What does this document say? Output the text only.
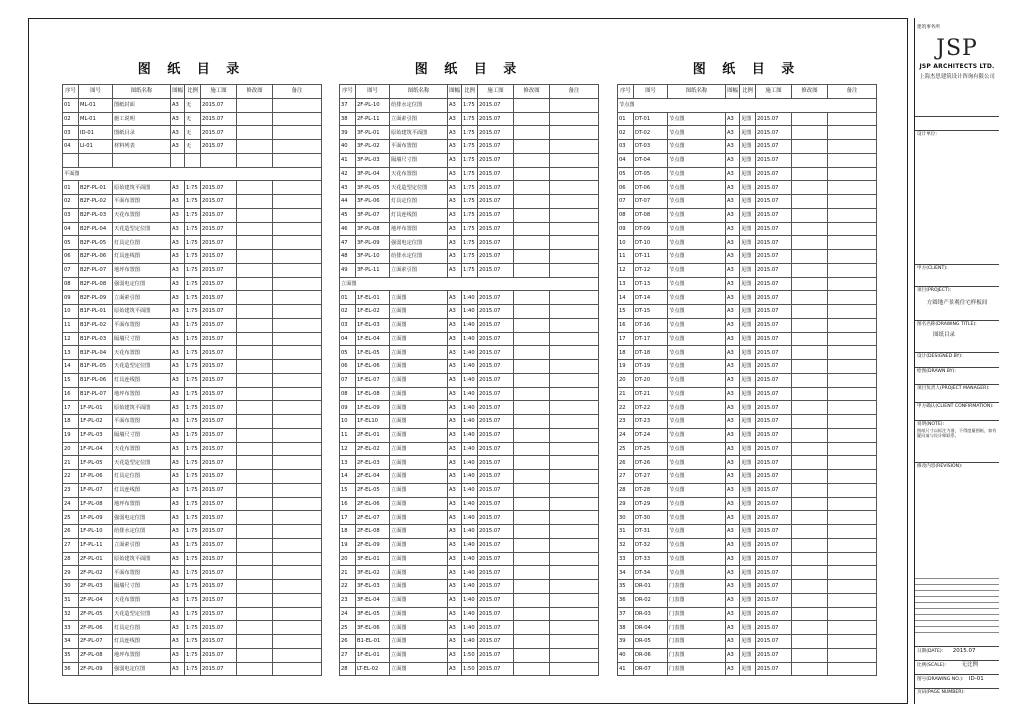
图 纸 目 录	图 纸 目 录	图 纸 目 录
序号	图号	图纸名称	图幅	比例	施工图	修改图	备注
01	ML-01	图纸封面	A3	无	2015.07		
02	ML-01	施工说明	A3	无	2015.07		
03	ID-01	图纸目录	A3	无	2015.07		
04	LI-01	材料列表	A3	无	2015.07		

平面图							
01	B2F-PL-01	原始建筑平面图	A3	1:75	2015.07		
02	B2F-PL-02	平面布置图	A3	1:75	2015.07		
03	B2F-PL-03	天花布置图	A3	1:75	2015.07		
04	B2F-PL-04	天花造型定位图	A3	1:75	2015.07		
05	B2F-PL-05	灯具定位图	A3	1:75	2015.07		
06	B2F-PL-06	灯具连线图	A3	1:75	2015.07		
07	B2F-PL-07	地坪布置图	A3	1:75	2015.07		
08	B2F-PL-08	强弱电定位图	A3	1:75	2015.07		
09	B2F-PL-09	立面索引图	A3	1:75	2015.07		
10	B1F-PL-01	原始建筑平面图	A3	1:75	2015.07		
11	B1F-PL-02	平面布置图	A3	1:75	2015.07		
12	B1F-PL-03	隔墙尺寸图	A3	1:75	2015.07		
13	B1F-PL-04	天花布置图	A3	1:75	2015.07		
14	B1F-PL-05	天花造型定位图	A3	1:75	2015.07		
15	B1F-PL-06	灯具连线图	A3	1:75	2015.07		
16	B1F-PL-07	地坪布置图	A3	1:75	2015.07		
17	1F-PL-01	原始建筑平面图	A3	1:75	2015.07		
18	1F-PL-02	平面布置图	A3	1:75	2015.07		
19	1F-PL-03	隔墙尺寸图	A3	1:75	2015.07		
20	1F-PL-04	天花布置图	A3	1:75	2015.07		
21	1F-PL-05	天花造型定位图	A3	1:75	2015.07		
22	1F-PL-06	灯具定位图	A3	1:75	2015.07		
23	1F-PL-07	灯具连线图	A3	1:75	2015.07		
24	1F-PL-08	地坪布置图	A3	1:75	2015.07		
25	1F-PL-09	强弱电定位图	A3	1:75	2015.07		
26	1F-PL-10	给排水定位图	A3	1:75	2015.07		
27	1F-PL-11	立面索引图	A3	1:75	2015.07		
28	2F-PL-01	原始建筑平面图	A3	1:75	2015.07		
29	2F-PL-02	平面布置图	A3	1:75	2015.07		
30	2F-PL-03	隔墙尺寸图	A3	1:75	2015.07		
31	2F-PL-04	天花布置图	A3	1:75	2015.07		
32	2F-PL-05	天花造型定位图	A3	1:75	2015.07		
33	2F-PL-06	灯具定位图	A3	1:75	2015.07		
34	2F-PL-07	灯具连线图	A3	1:75	2015.07		
35	2F-PL-08	地坪布置图	A3	1:75	2015.07		
36	2F-PL-09	强弱电定位图	A3	1:75	2015.07		
序号	图号	图纸名称	图幅	比例	施工图	修改图	备注
37	2F-PL-10	给排水定位图	A3	1:75	2015.07		
38	2F-PL-11	立面索引图	A3	1:75	2015.07		
39	3F-PL-01	原始建筑平面图	A3	1:75	2015.07		
40	3F-PL-02	平面布置图	A3	1:75	2015.07		
41	3F-PL-03	隔墙尺寸图	A3	1:75	2015.07		
42	3F-PL-04	天花布置图	A3	1:75	2015.07		
43	3F-PL-05	天花造型定位图	A3	1:75	2015.07		
44	3F-PL-06	灯具定位图	A3	1:75	2015.07		
45	3F-PL-07	灯具连线图	A3	1:75	2015.07		
46	3F-PL-08	地坪布置图	A3	1:75	2015.07		
47	3F-PL-09	强弱电定位图	A3	1:75	2015.07		
48	3F-PL-10	给排水定位图	A3	1:75	2015.07		
49	3F-PL-11	立面索引图	A3	1:75	2015.07		
立面图							
01	1F-EL-01	立面图	A3	1:40	2015.07		
02	1F-EL-02	立面图	A3	1:40	2015.07		
03	1F-EL-03	立面图	A3	1:40	2015.07		
04	1F-EL-04	立面图	A3	1:40	2015.07		
05	1F-EL-05	立面图	A3	1:40	2015.07		
06	1F-EL-06	立面图	A3	1:40	2015.07		
07	1F-EL-07	立面图	A3	1:40	2015.07		
08	1F-EL-08	立面图	A3	1:40	2015.07		
09	1F-EL-09	立面图	A3	1:40	2015.07		
10	1F-EL10	立面图	A3	1:40	2015.07		
11	2F-EL-01	立面图	A3	1:40	2015.07		
12	2F-EL-02	立面图	A3	1:40	2015.07		
13	2F-EL-03	立面图	A3	1:40	2015.07		
14	2F-EL-04	立面图	A3	1:40	2015.07		
15	2F-EL-05	立面图	A3	1:40	2015.07		
16	2F-EL-06	立面图	A3	1:40	2015.07		
17	2F-EL-07	立面图	A3	1:40	2015.07		
18	2F-EL-08	立面图	A3	1:40	2015.07		
19	2F-EL-09	立面图	A3	1:40	2015.07		
20	3F-EL-01	立面图	A3	1:40	2015.07		
21	3F-EL-02	立面图	A3	1:40	2015.07		
22	3F-EL-03	立面图	A3	1:40	2015.07		
23	3F-EL-04	立面图	A3	1:40	2015.07		
24	3F-EL-05	立面图	A3	1:40	2015.07		
25	3F-EL-06	立面图	A3	1:40	2015.07		
26	B1-EL-01	立面图	A3	1:40	2015.07		
27	1F-EL-01	立面图	A3	1:50	2015.07		
28	LT-EL-02	立面图	A3	1:50	2015.07		
序号	图号	图纸名称	图幅	比例	施工图	修改图	备注
节点图							
01	DT-01	节点图	A3	见图	2015.07		
02	DT-02	节点图	A3	见图	2015.07		
03	DT-03	节点图	A3	见图	2015.07		
04	DT-04	节点图	A3	见图	2015.07		
05	DT-05	节点图	A3	见图	2015.07		
06	DT-06	节点图	A3	见图	2015.07		
07	DT-07	节点图	A3	见图	2015.07		
08	DT-08	节点图	A3	见图	2015.07		
09	DT-09	节点图	A3	见图	2015.07		
10	DT-10	节点图	A3	见图	2015.07		
11	DT-11	节点图	A3	见图	2015.07		
12	DT-12	节点图	A3	见图	2015.07		
13	DT-13	节点图	A3	见图	2015.07		
14	DT-14	节点图	A3	见图	2015.07		
15	DT-15	节点图	A3	见图	2015.07		
16	DT-16	节点图	A3	见图	2015.07		
17	DT-17	节点图	A3	见图	2015.07		
18	DT-18	节点图	A3	见图	2015.07		
19	DT-19	节点图	A3	见图	2015.07		
20	DT-20	节点图	A3	见图	2015.07		
21	DT-21	节点图	A3	见图	2015.07		
22	DT-22	节点图	A3	见图	2015.07		
23	DT-23	节点图	A3	见图	2015.07		
24	DT-24	节点图	A3	见图	2015.07		
25	DT-25	节点图	A3	见图	2015.07		
26	DT-26	节点图	A3	见图	2015.07		
27	DT-27	节点图	A3	见图	2015.07		
28	DT-28	节点图	A3	见图	2015.07		
29	DT-29	节点图	A3	见图	2015.07		
30	DT-30	节点图	A3	见图	2015.07		
31	DT-31	节点图	A3	见图	2015.07		
32	DT-32	节点图	A3	见图	2015.07		
33	DT-33	节点图	A3	见图	2015.07		
34	DT-34	节点图	A3	见图	2015.07		
35	DR-01	门表图	A3	见图	2015.07		
36	DR-02	门表图	A3	见图	2015.07		
37	DR-03	门表图	A3	见图	2015.07		
38	DR-04	门表图	A3	见图	2015.07		
39	DR-05	门表图	A3	见图	2015.07		
40	DR-06	门表图	A3	见图	2015.07		
41	DR-07	门表图	A3	见图	2015.07		
建筑事务所
JSP
JSP ARCHITECTS LTD.
上海杰思建筑设计咨询有限公司
设计单位:
甲方(CLIENT):
项目(PROJECT):
方圆地产景观住宅样板间
图名名称(DRAWING TITLE):
图纸目录
设计(DESIGNED BY):
绘图(DRAWN BY):
项目负责人(PROJECT MANAGER):
甲方确认(CLIENT CONFIRMATION):
说明(NOTE):
图纸尺寸以标注为准，不得度量图纸，如有疑问请与设计师联系。
修改内容(REVISION):
日期(DATE): 2015.07
比例(SCALE):	无比例
图号(DRAWING NO.): ID-01
页码(PAGE NUMBER):
